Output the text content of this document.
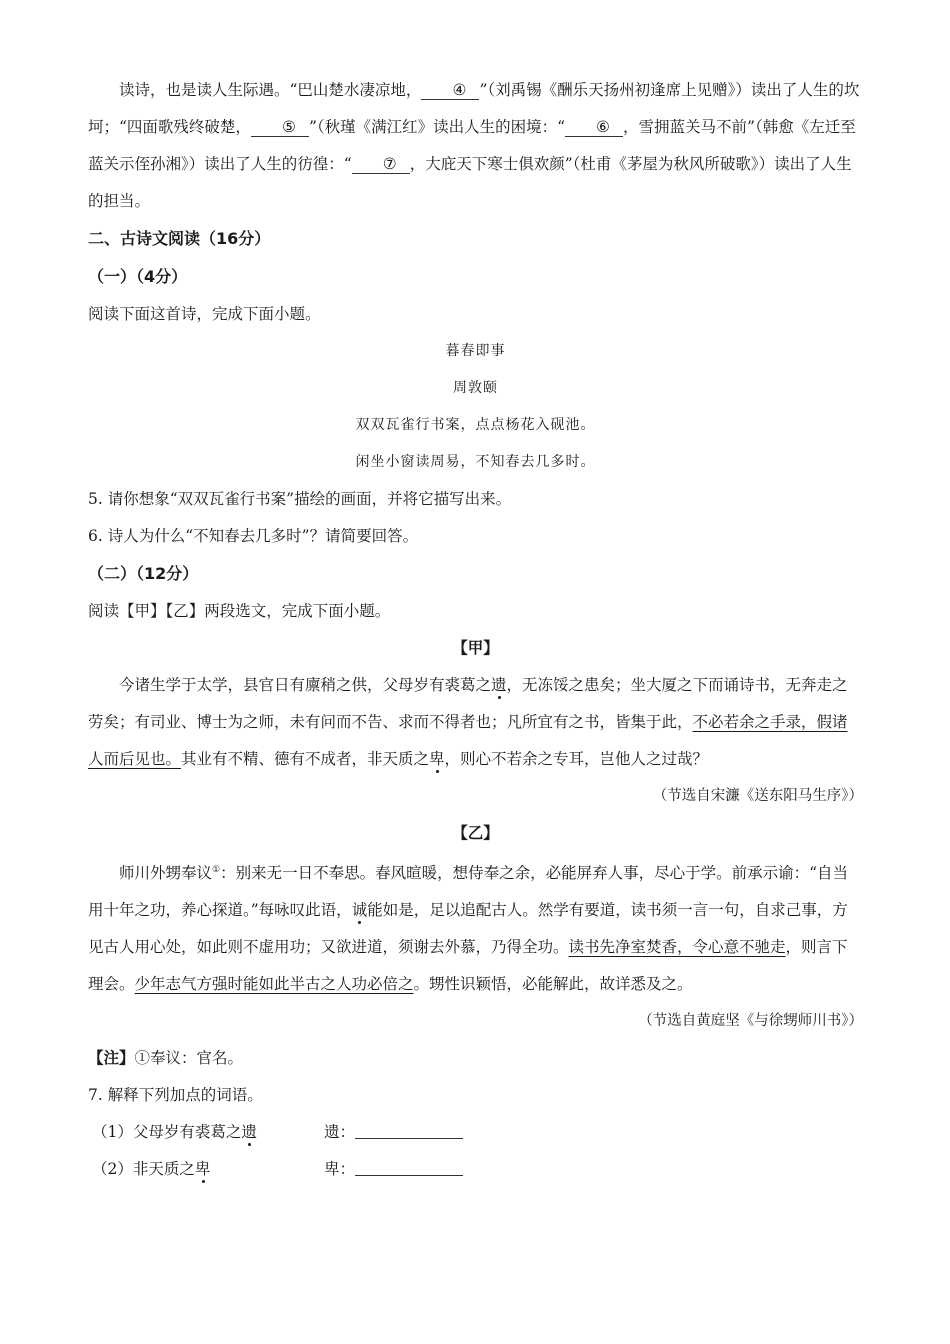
读诗，也是读人生际遇。“巴山楚水凄凉地， ④ ”（刘禹锡《酬乐天扬州初逢席上见赠》）读出了人生的坎坷；“四面歌残终破楚， ⑤ ”（秋瑾《满江红》读出人生的困境：“ ⑥ ，雪拥蓝关马不前”（韩愈《左迁至蓝关示侄孙湘》）读出了人生的彷徨：“ ⑦ ，大庇天下寒士俱欢颜”（杜甫《茅屋为秋风所破歌》）读出了人生的担当。

二、古诗文阅读（16分）

（一）（4分）

阅读下面这首诗，完成下面小题。

暮春即事

周敦颐

双双瓦雀行书案，点点杨花入砚池。

闲坐小窗读周易，不知春去几多时。

5. 请你想象“双双瓦雀行书案”描绘的画面，并将它描写出来。

6. 诗人为什么“不知春去几多时”？请简要回答。

（二）（12分）

阅读【甲】【乙】两段选文，完成下面小题。

【甲】

今诸生学于太学，县官日有廪稍之供，父母岁有裘葛之遗，无冻馁之患矣；坐大厦之下而诵诗书，无奔走之劳矣；有司业、博士为之师，未有问而不告、求而不得者也；凡所宜有之书，皆集于此，不必若余之手录，假诸人而后见也。其业有不精、德有不成者，非天质之卑，则心不若余之专耳，岂他人之过哉？

（节选自宋濂《送东阳马生序》）

【乙】

师川外甥奉议①：别来无一日不奉思。春风暄暖，想侍奉之余，必能屏弃人事，尽心于学。前承示谕：“自当用十年之功，养心探道。”每咏叹此语，诚能如是，足以追配古人。然学有要道，读书须一言一句，自求己事，方见古人用心处，如此则不虚用功；又欲进道，须谢去外慕，乃得全功。读书先净室焚香，令心意不驰走，则言下理会。少年志气方强时能如此半古之人功必倍之。甥性识颖悟，必能解此，故详悉及之。

（节选自黄庭坚《与徐甥师川书》）

【注】①奉议：官名。

7. 解释下列加点的词语。

（1）父母岁有裘葛之遗	遗：
（2）非天质之卑	卑：
